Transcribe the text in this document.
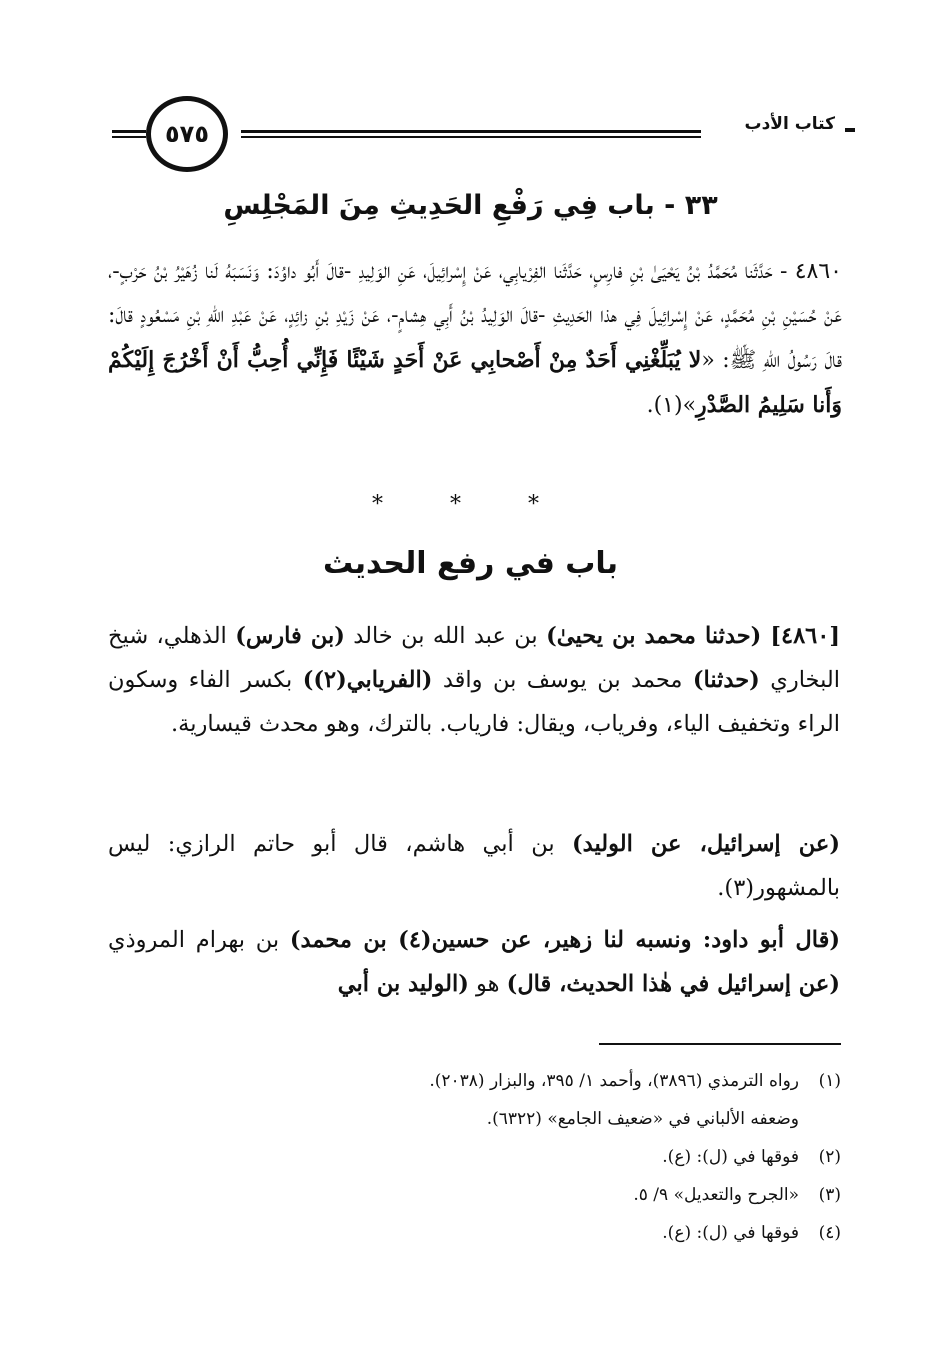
كتاب الأدب
٥٧٥
٣٣ - باب فِي رَفْعِ الحَدِيثِ مِنَ المَجْلِسِ
٤٨٦٠ - حَدَّثَنا مُحَمَّدُ بْنُ يَحْيَىٰ بْنِ فارِسٍ، حَدَّثَنا الفِرْيابِي، عَنْ إِسْرائِيلَ، عَنِ الوَلِيدِ -قالَ أَبُو داوُدَ: وَنَسَبَهُ لَنا زُهَيْرُ بْنُ حَرْبٍ-، عَنْ حُسَيْنِ بْنِ مُحَمَّدٍ، عَنْ إِسْرائِيلَ فِي هذا الحَدِيثِ -قالَ الوَلِيدُ بْنُ أَبِي هِشامٍ-، عَنْ زَيْدِ بْنِ زائِدٍ، عَنْ عَبْدِ اللهِ بْنِ مَسْعُودٍ قالَ: قالَ رَسُولُ اللهِ ﷺ: «لا يُبَلِّغْنِي أَحَدٌ مِنْ أَصْحابِي عَنْ أَحَدٍ شَيْئًا فَإِنِّي أُحِبُّ أَنْ أَخْرُجَ إِلَيْكُمْ وَأَنا سَلِيمُ الصَّدْرِ»(١).
* * *
باب في رفع الحديث
[٤٨٦٠] (حدثنا محمد بن يحيىٰ) بن عبد الله بن خالد (بن فارس) الذهلي، شيخ البخاري (حدثنا) محمد بن يوسف بن واقد (الفريابي(٢)) بكسر الفاء وسكون الراء وتخفيف الياء، وفرياب، ويقال: فارياب. بالترك، وهو محدث قيسارية.
(عن إسرائيل، عن الوليد) بن أبي هاشم، قال أبو حاتم الرازي: ليس بالمشهور(٣).
(قال أبو داود: ونسبه لنا زهير، عن حسين(٤) بن محمد) بن بهرام المروذي (عن إسرائيل في هٰذا الحديث، قال) هو (الوليد بن أبي
(١)رواه الترمذي (٣٨٩٦)، وأحمد ١/ ٣٩٥، والبزار (٢٠٣٨).
وضعفه الألباني في «ضعيف الجامع» (٦٣٢٢).
(٢)فوقها في (ل): (ع).
(٣)«الجرح والتعديل» ٩/ ٥.
(٤)فوقها في (ل): (ع).
